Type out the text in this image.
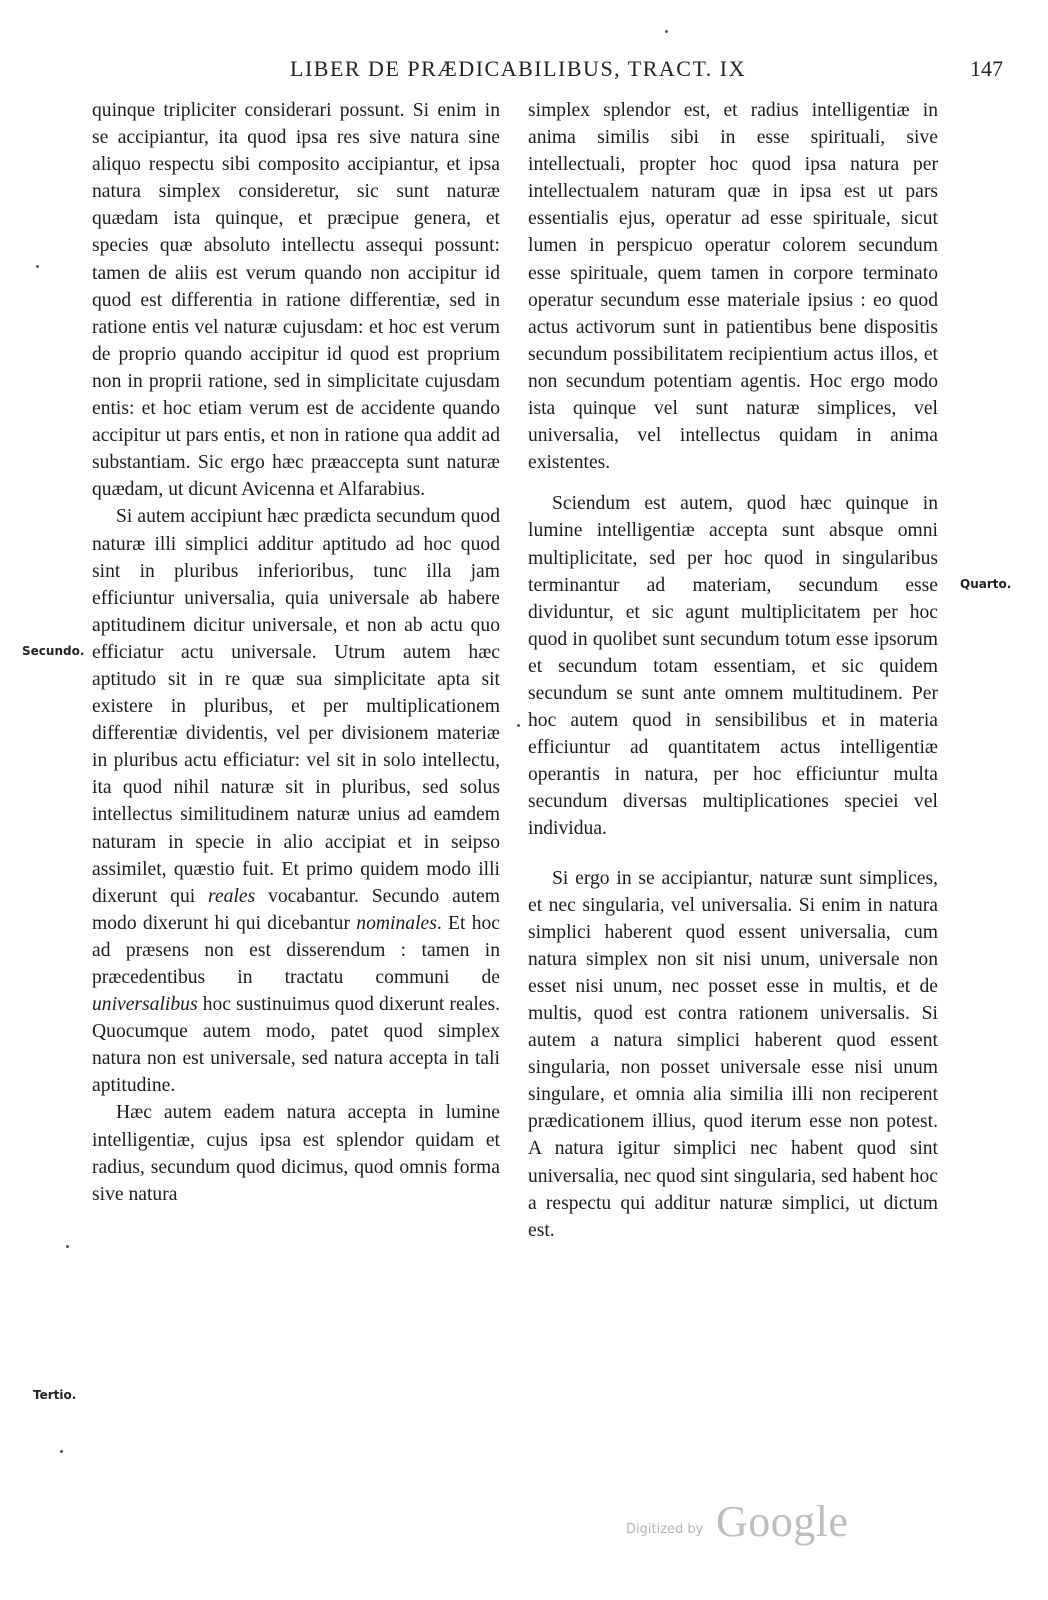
LIBER DE PRÆDICABILIBUS, TRACT. IX	147

quinque tripliciter considerari possunt. Si enim in se accipiantur, ita quod ipsa res sive natura sine aliquo respectu sibi composito accipiantur, et ipsa natura simplex consideretur, sic sunt naturæ quædam ista quinque, et præcipue genera, et species quæ absoluto intellectu assequi possunt: tamen de aliis est verum quando non accipitur id quod est differentia in ratione differentiæ, sed in ratione entis vel naturæ cujusdam: et hoc est verum de proprio quando accipitur id quod est proprium non in proprii ratione, sed in simplicitate cujusdam entis: et hoc etiam verum est de accidente quando accipitur ut pars entis, et non in ratione qua addit ad substantiam. Sic ergo hæc præaccepta sunt naturæ quædam, ut dicunt Avicenna et Alfarabius.

Si autem accipiunt hæc prædicta secundum quod naturæ illi simplici additur aptitudo ad hoc quod sint in pluribus inferioribus, tunc illa jam efficiuntur universalia, quia universale ab habere aptitudinem dicitur universale, et non ab actu quo efficiatur actu universale. Utrum autem hæc aptitudo sit in re quæ sua simplicitate apta sit existere in pluribus, et per multiplicationem differentiæ dividentis, vel per divisionem materiæ in pluribus actu efficiatur: vel sit in solo intellectu, ita quod nihil naturæ sit in pluribus, sed solus intellectus similitudinem naturæ unius ad eamdem naturam in specie in alio accipiat et in seipso assimilet, quæstio fuit. Et primo quidem modo illi dixerunt qui reales vocabantur. Secundo autem modo dixerunt hi qui dicebantur nominales. Et hoc ad præsens non est disserendum : tamen in præcedentibus in tractatu communi de universalibus hoc sustinuimus quod dixerunt reales. Quocumque autem modo, patet quod simplex natura non est universale, sed natura accepta in tali aptitudine.

Hæc autem eadem natura accepta in lumine intelligentiæ, cujus ipsa est splendor quidam et radius, secundum quod dicimus, quod omnis forma sive natura

simplex splendor est, et radius intelligentiæ in anima similis sibi in esse spirituali, sive intellectuali, propter hoc quod ipsa natura per intellectualem naturam quæ in ipsa est ut pars essentialis ejus, operatur ad esse spirituale, sicut lumen in perspicuo operatur colorem secundum esse spirituale, quem tamen in corpore terminato operatur secundum esse materiale ipsius : eo quod actus activorum sunt in patientibus bene dispositis secundum possibilitatem recipientium actus illos, et non secundum potentiam agentis. Hoc ergo modo ista quinque vel sunt naturæ simplices, vel universalia, vel intellectus quidam in anima existentes.

Sciendum est autem, quod hæc quinque in lumine intelligentiæ accepta sunt absque omni multiplicitate, sed per hoc quod in singularibus terminantur ad materiam, secundum esse dividuntur, et sic agunt multiplicitatem per hoc quod in quolibet sunt secundum totum esse ipsorum et secundum totam essentiam, et sic quidem secundum se sunt ante omnem multitudinem. Per hoc autem quod in sensibilibus et in materia efficiuntur ad quantitatem actus intelligentiæ operantis in natura, per hoc efficiuntur multa secundum diversas multiplicationes speciei vel individua.

Si ergo in se accipiantur, naturæ sunt simplices, et nec singularia, vel universalia. Si enim in natura simplici haberent quod essent universalia, cum natura simplex non sit nisi unum, universale non esset nisi unum, nec posset esse in multis, et de multis, quod est contra rationem universalis. Si autem a natura simplici haberent quod essent singularia, non posset universale esse nisi unum singulare, et omnia alia similia illi non reciperent prædicationem illius, quod iterum esse non potest. A natura igitur simplici nec habent quod sint universalia, nec quod sint singularia, sed habent hoc a respectu qui additur naturæ simplici, ut dictum est.

Secundo.
Tertio.
Quarto.
Digitized by Google
